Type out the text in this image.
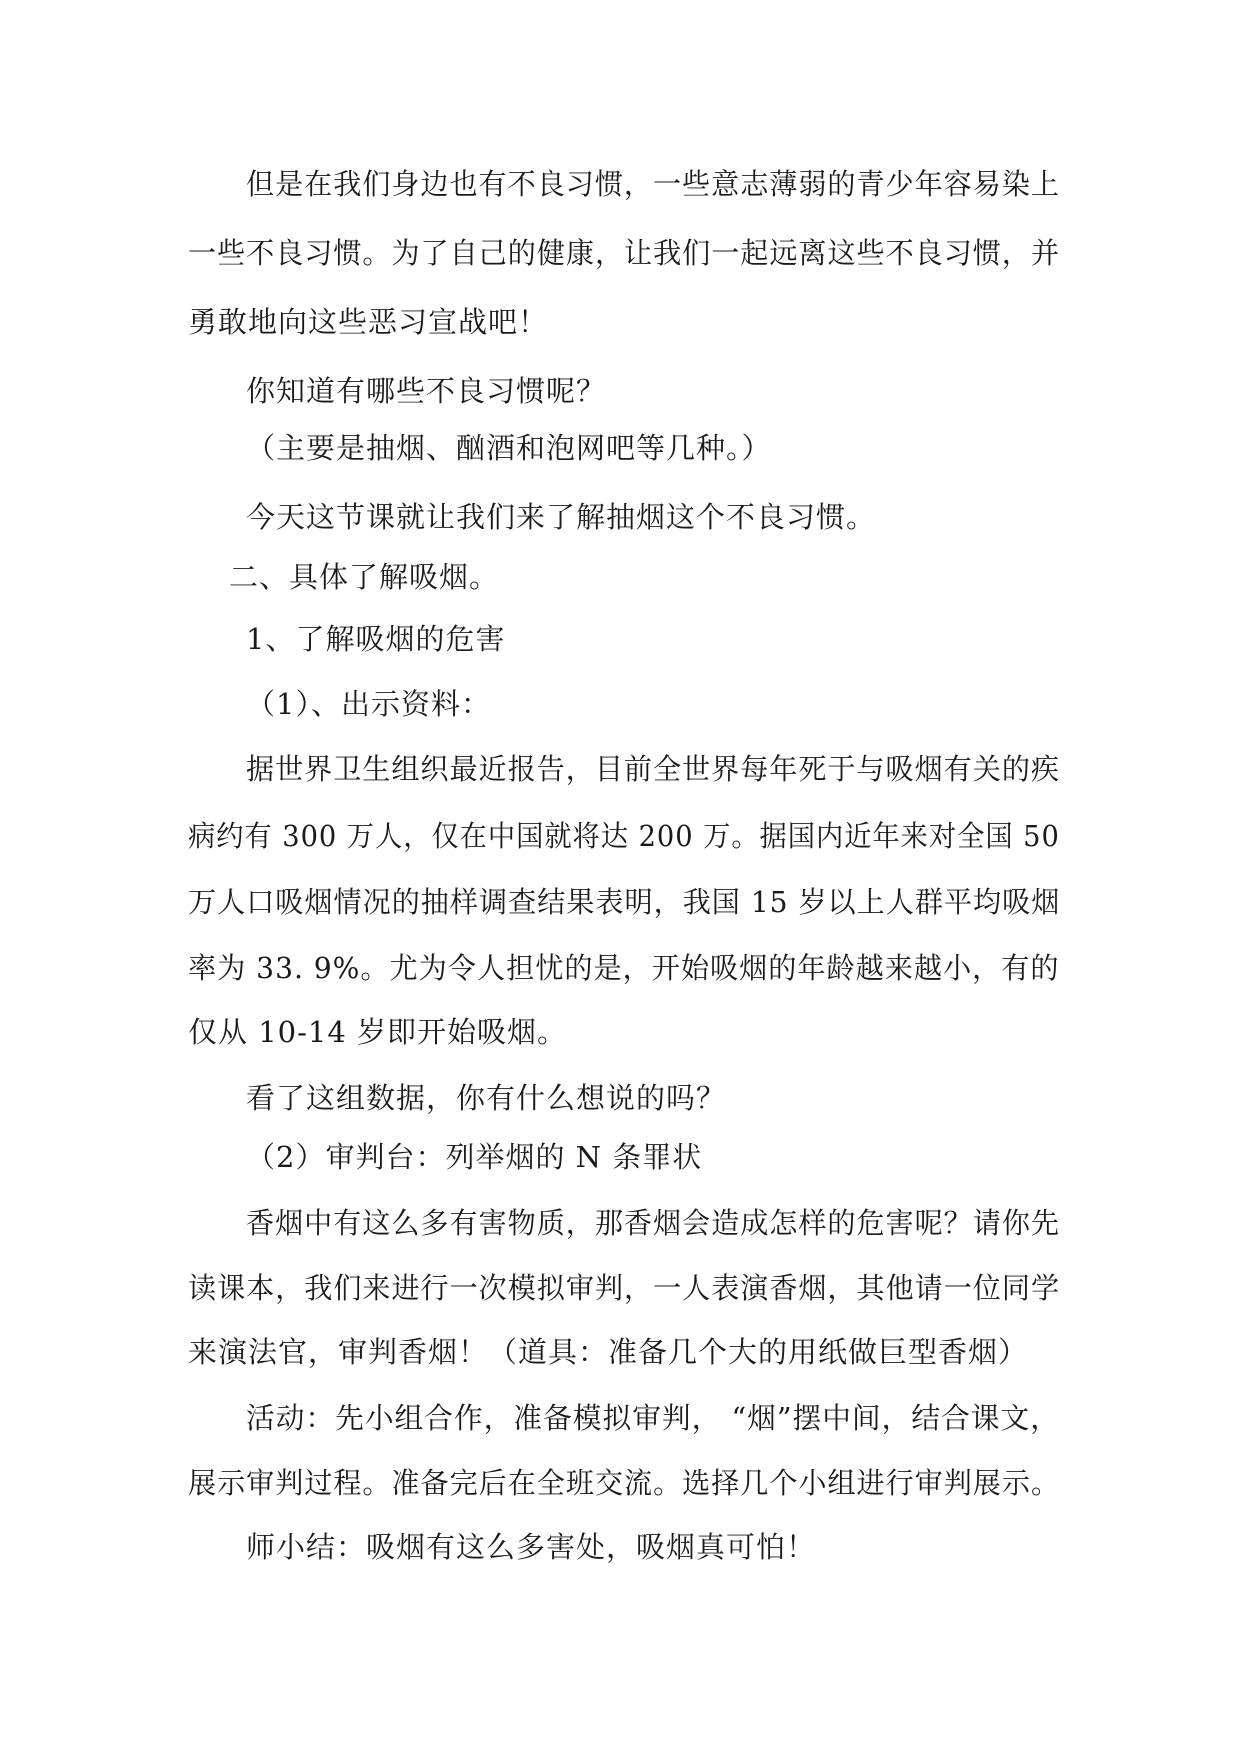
但是在我们身边也有不良习惯，一些意志薄弱的青少年容易染上
一些不良习惯。为了自己的健康，让我们一起远离这些不良习惯，并
勇敢地向这些恶习宣战吧！
你知道有哪些不良习惯呢？
（主要是抽烟、酗酒和泡网吧等几种。）
今天这节课就让我们来了解抽烟这个不良习惯。
二、具体了解吸烟。
1、了解吸烟的危害
（1）、出示资料：
据世界卫生组织最近报告，目前全世界每年死于与吸烟有关的疾
病约有 300 万人，仅在中国就将达 200 万。据国内近年来对全国 50
万人口吸烟情况的抽样调查结果表明，我国 15 岁以上人群平均吸烟
率为 33. 9%。尤为令人担忧的是，开始吸烟的年龄越来越小，有的
仅从 10-14 岁即开始吸烟。
看了这组数据，你有什么想说的吗？
（2）审判台：列举烟的 N 条罪状
香烟中有这么多有害物质，那香烟会造成怎样的危害呢？请你先
读课本，我们来进行一次模拟审判，一人表演香烟，其他请一位同学
来演法官，审判香烟！（道具：准备几个大的用纸做巨型香烟）
活动：先小组合作，准备模拟审判， “烟”摆中间，结合课文，
展示审判过程。准备完后在全班交流。选择几个小组进行审判展示。
师小结：吸烟有这么多害处，吸烟真可怕！
